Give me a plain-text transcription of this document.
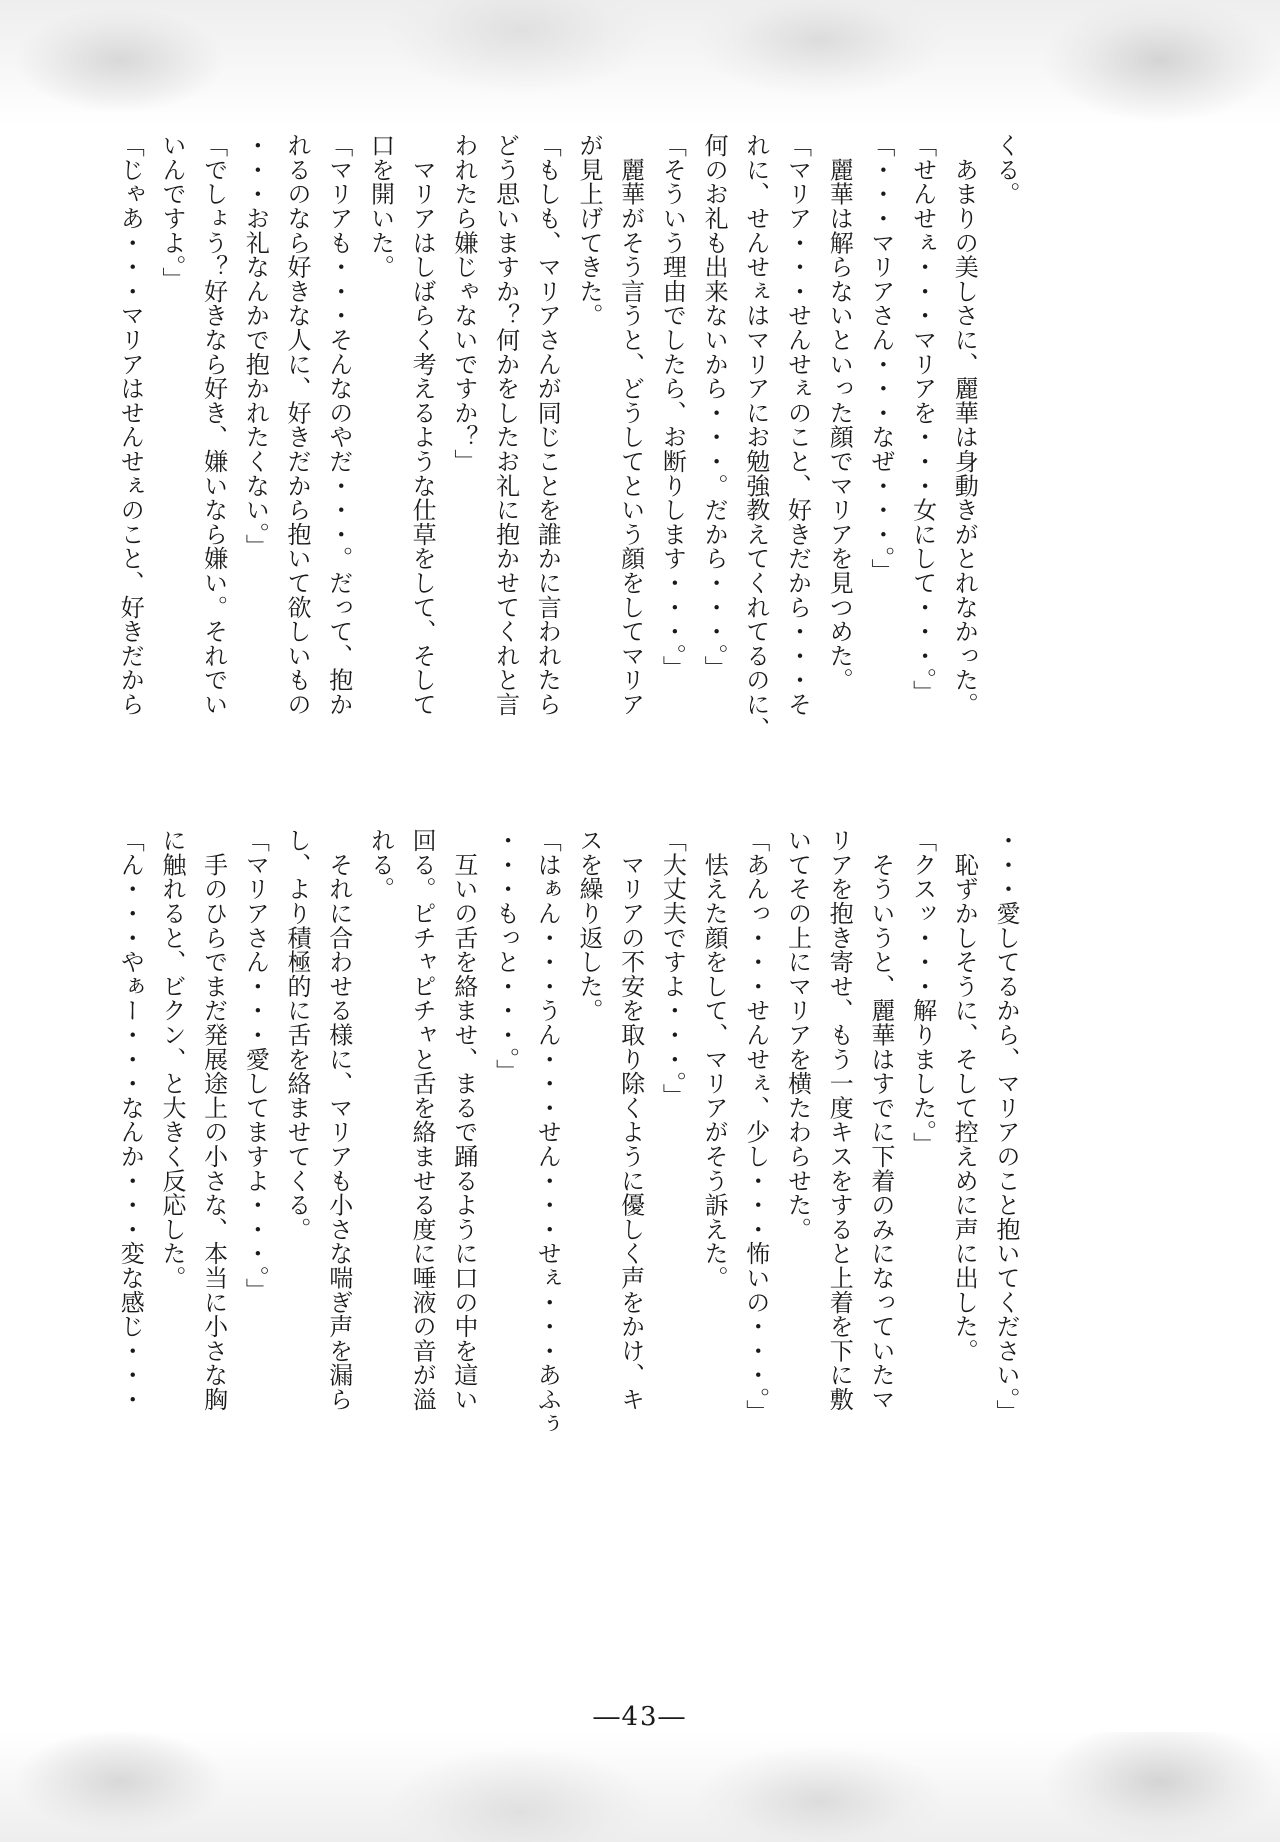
くる。

　あまりの美しさに、麗華は身動きがとれなかった。

「せんせぇ・・・マリアを・・・女にして・・・。」

「・・・マリアさん・・・なぜ・・・。」

　麗華は解らないといった顔でマリアを見つめた。

「マリア・・・せんせぇのこと、好きだから・・・そ

れに、せんせぇはマリアにお勉強教えてくれてるのに、

何のお礼も出来ないから・・・。だから・・・。」

「そういう理由でしたら、お断りします・・・。」

　麗華がそう言うと、どうしてという顔をしてマリア

が見上げてきた。

「もしも、マリアさんが同じことを誰かに言われたら

どう思いますか？何かをしたお礼に抱かせてくれと言

われたら嫌じゃないですか？」

　マリアはしばらく考えるような仕草をして、そして

口を開いた。

「マリアも・・・そんなのやだ・・・。だって、抱か

れるのなら好きな人に、好きだから抱いて欲しいもの

・・・お礼なんかで抱かれたくない。」

「でしょう？好きなら好き、嫌いなら嫌い。それでい

いんですよ。」

「じゃあ・・・マリアはせんせぇのこと、好きだから

・・・愛してるから、マリアのこと抱いてください。」

　恥ずかしそうに、そして控えめに声に出した。

「クスッ・・・解りました。」

　そういうと、麗華はすでに下着のみになっていたマ

リアを抱き寄せ、もう一度キスをすると上着を下に敷

いてその上にマリアを横たわらせた。

「あんっ・・・せんせぇ、少し・・・怖いの・・・。」

　怯えた顔をして、マリアがそう訴えた。

「大丈夫ですよ・・・。」

　マリアの不安を取り除くように優しく声をかけ、キ

スを繰り返した。

「はぁん・・・うん・・・せん・・・せぇ・・・あふぅ

・・・もっと・・・。」

　互いの舌を絡ませ、まるで踊るように口の中を這い

回る。ピチャピチャと舌を絡ませる度に唾液の音が溢

れる。

　それに合わせる様に、マリアも小さな喘ぎ声を漏ら

し、より積極的に舌を絡ませてくる。

「マリアさん・・・愛してますよ・・・。」

　手のひらでまだ発展途上の小さな、本当に小さな胸

に触れると、ビクン、と大きく反応した。

「ん・・・やぁー・・・なんか・・・変な感じ・・・

―43―
